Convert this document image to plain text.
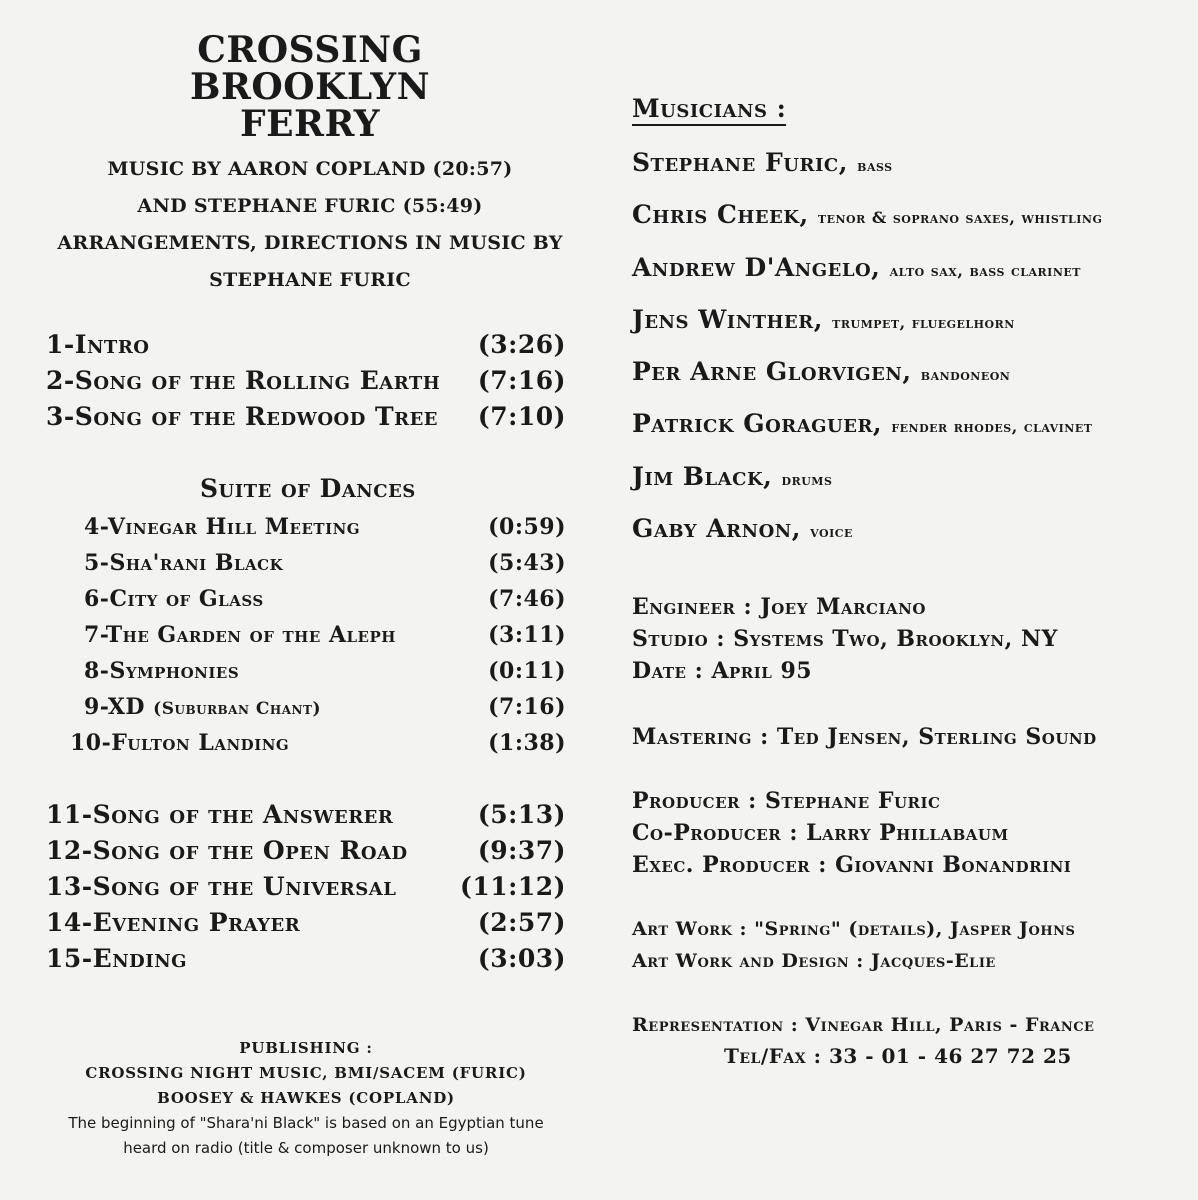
CROSSING
BROOKLYN
FERRY
MUSIC BY AARON COPLAND (20:57)
AND STEPHANE FURIC (55:49)
ARRANGEMENTS, DIRECTIONS IN MUSIC BY
STEPHANE FURIC
1-Intro	(3:26)
2-Song of the Rolling Earth (7:16)
3-Song of the Redwood Tree (7:10)
Suite of Dances
4-Vinegar Hill Meeting	(0:59)
5-Sha'rani Black	(5:43)
6-City of Glass	(7:46)
7-The Garden of the Aleph	(3:11)
8-Symphonies	(0:11)
9-XD (Suburban Chant)	(7:16)
10-Fulton Landing	(1:38)
11-Song of the Answerer	(5:13)
12-Song of the Open Road	(9:37)
13-Song of the Universal	(11:12)
14-Evening Prayer	(2:57)
15-Ending	(3:03)
PUBLISHING :
CROSSING NIGHT MUSIC, BMI/SACEM (FURIC)
BOOSEY & HAWKES (COPLAND)
The beginning of "Shara'ni Black" is based on an Egyptian tune
heard on radio (title & composer unknown to us)
Musicians :
Stephane Furic, bass
Chris Cheek, tenor & soprano saxes, whistling
Andrew D'Angelo, alto sax, bass clarinet
Jens Winther, trumpet, fluegelhorn
Per Arne Glorvigen, bandoneon
Patrick Goraguer, fender rhodes, clavinet
Jim Black, drums
Gaby Arnon, voice
Engineer : Joey Marciano
Studio : Systems Two, Brooklyn, NY
Date : April 95
Mastering : Ted Jensen, Sterling Sound
Producer : Stephane Furic
Co-Producer : Larry Phillabaum
Exec. Producer : Giovanni Bonandrini
Art Work : "Spring" (details), Jasper Johns
Art Work and Design : Jacques-Elie
Representation : Vinegar Hill, Paris - France
Tel/Fax : 33 - 01 - 46 27 72 25
